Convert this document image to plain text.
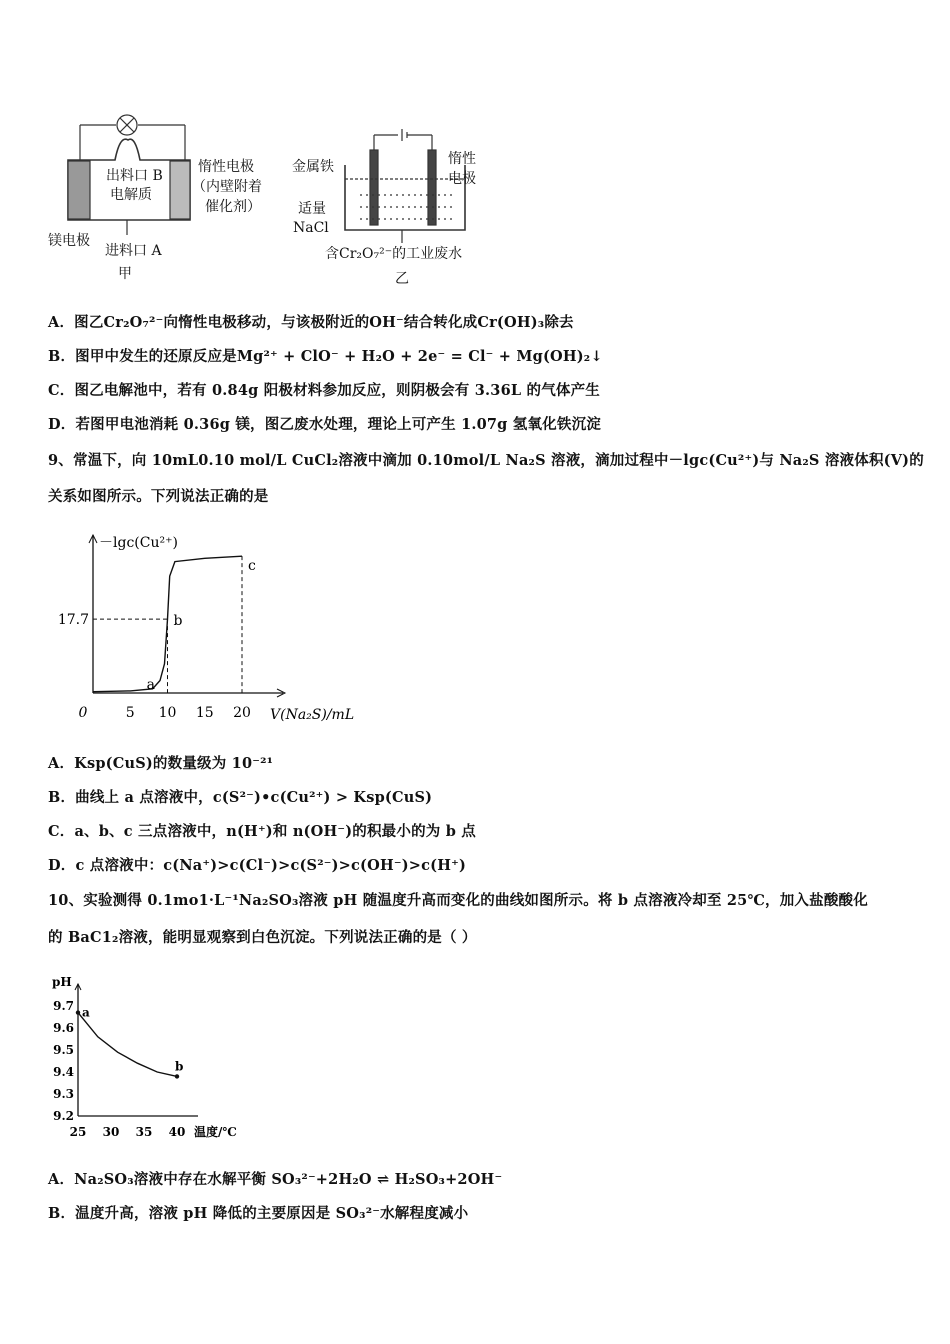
出料口 B
电解质
惰性电极
（内壁附着
催化剂）
镁电极
进料口 A
甲
金属铁	惰性
电极
适量
NaCl
含Cr₂O₇²⁻的工业废水
乙
A．图乙Cr₂O₇²⁻向惰性电极移动，与该极附近的OH⁻结合转化成Cr(OH)₃除去
B．图甲中发生的还原反应是Mg²⁺ + ClO⁻ + H₂O + 2e⁻ = Cl⁻ + Mg(OH)₂↓
C．图乙电解池中，若有 0.84g 阳极材料参加反应，则阴极会有 3.36L 的气体产生
D．若图甲电池消耗 0.36g 镁，图乙废水处理，理论上可产生 1.07g 氢氧化铁沉淀
9、常温下，向 10mL0.10 mol/L CuCl₂溶液中滴加 0.10mol/L Na₂S 溶液，滴加过程中－lgc(Cu²⁺)与 Na₂S 溶液体积(V)的
关系如图所示。下列说法正确的是
－lgc(Cu²⁺)
V(Na₂S)/mL
0	5 10 15 20
17.7	b
c
a
A．Ksp(CuS)的数量级为 10⁻²¹
B．曲线上 a 点溶液中，c(S²⁻)•c(Cu²⁺) > Ksp(CuS)
C．a、b、c 三点溶液中，n(H⁺)和 n(OH⁻)的积最小的为 b 点
D．c 点溶液中：c(Na⁺)>c(Cl⁻)>c(S²⁻)>c(OH⁻)>c(H⁺)
10、实验测得 0.1mo1·L⁻¹Na₂SO₃溶液 pH 随温度升高而变化的曲线如图所示。将 b 点溶液冷却至 25℃，加入盐酸酸化
的 BaC1₂溶液，能明显观察到白色沉淀。下列说法正确的是（ ）
pH
9.7
9.6
9.5
9.4
9.3
9.2
25 30 35 40 温度/℃
a
b
A．Na₂SO₃溶液中存在水解平衡 SO₃²⁻+2H₂O ⇌ H₂SO₃+2OH⁻
B．温度升高，溶液 pH 降低的主要原因是 SO₃²⁻水解程度减小
